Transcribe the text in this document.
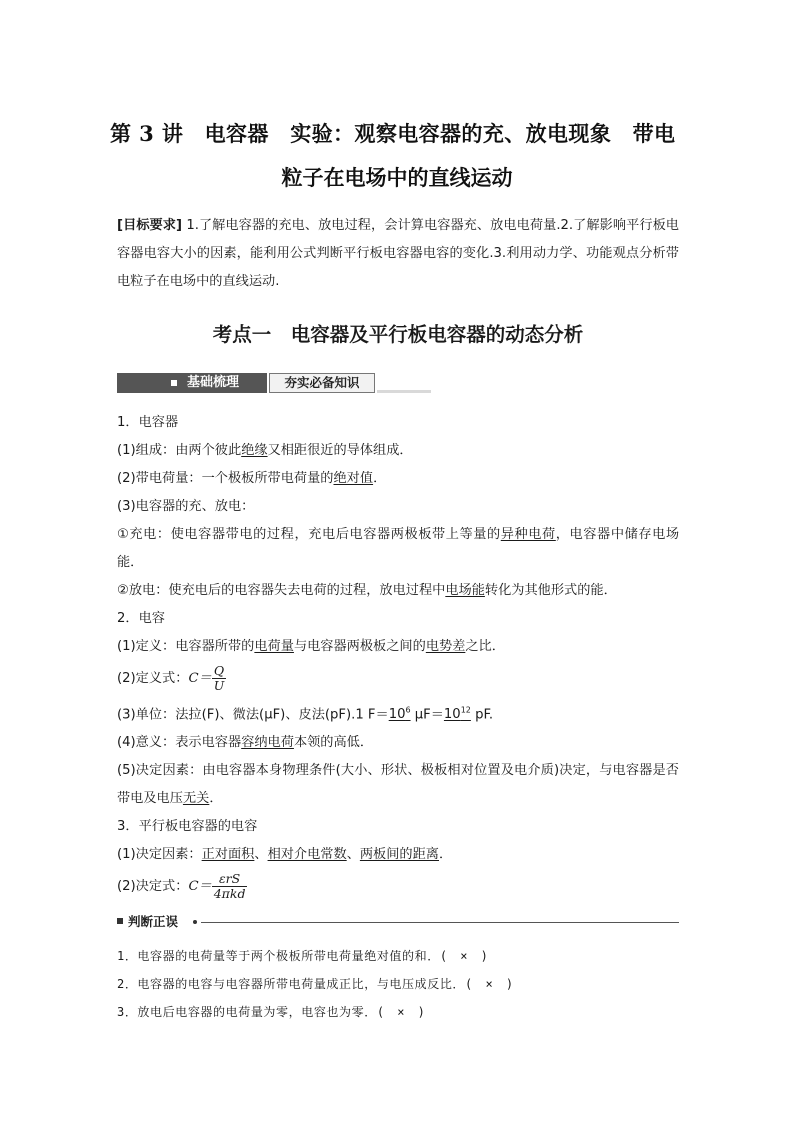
第 3 讲　电容器　实验：观察电容器的充、放电现象　带电
粒子在电场中的直线运动
[目标要求] 1.了解电容器的充电、放电过程，会计算电容器充、放电电荷量.2.了解影响平行板电容器电容大小的因素，能利用公式判断平行板电容器电容的变化.3.利用动力学、功能观点分析带电粒子在电场中的直线运动.
考点一　电容器及平行板电容器的动态分析
基础梳理	夯实必备知识
1．电容器
(1)组成：由两个彼此绝缘又相距很近的导体组成．
(2)带电荷量：一个极板所带电荷量的绝对值．
(3)电容器的充、放电：
①充电：使电容器带电的过程，充电后电容器两极板带上等量的异种电荷，电容器中储存电场能．
②放电：使充电后的电容器失去电荷的过程，放电过程中电场能转化为其他形式的能．
2．电容
(1)定义：电容器所带的电荷量与电容器两极板之间的电势差之比．
(2)定义式：$C= \frac{Q}{U}$
(3)单位：法拉(F)、微法(μF)、皮法(pF).1 $F=10^6$ $\mu F=10^{12}$ pF.
(4)意义：表示电容器容纳电荷本领的高低．
(5)决定因素：由电容器本身物理条件(大小、形状、极板相对位置及电介质)决定，与电容器是否带电及电压无关．
3．平行板电容器的电容
(1)决定因素：正对面积、相对介电常数、两板间的距离．
(2)决定式：$C= \frac{\text{εrS}}{\text{4πkd}}$
判断正误
1．电容器的电荷量等于两个极板所带电荷量绝对值的和．(　×　)
2．电容器的电容与电容器所带电荷量成正比，与电压成反比．(　×　)
3．放电后电容器的电荷量为零，电容也为零．(　×　)
